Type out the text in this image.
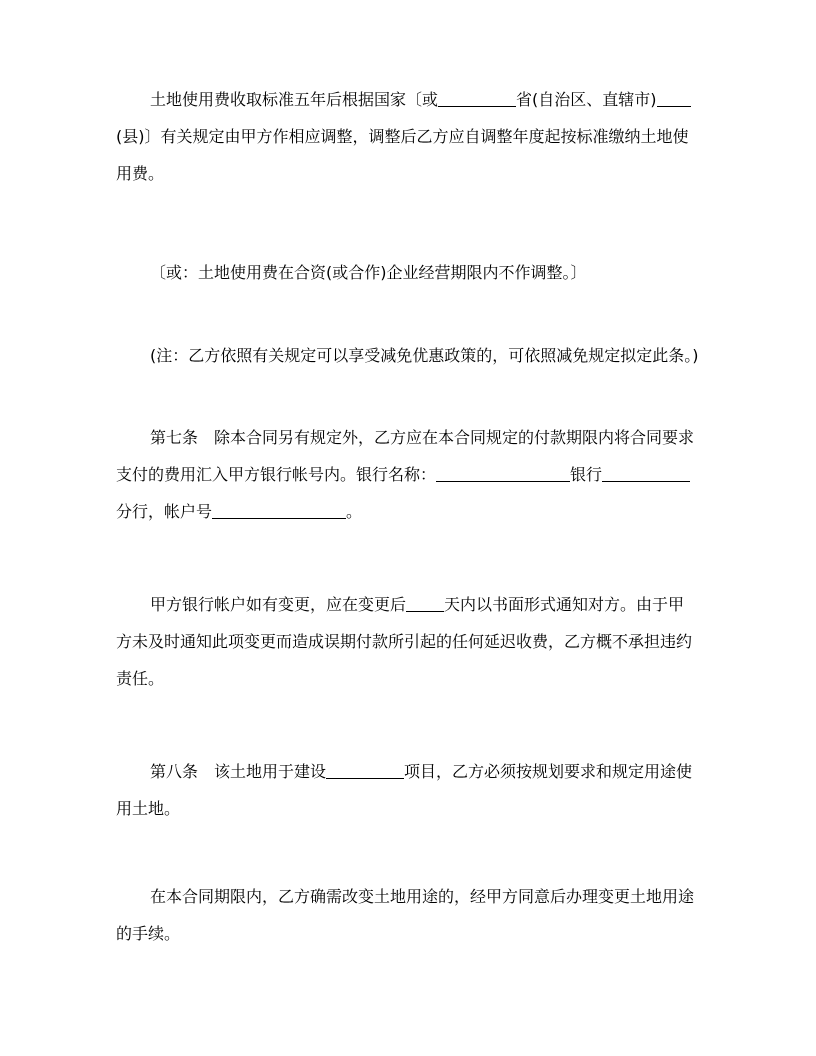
土地使用费收取标准五年后根据国家〔或	省(自治区、直辖市)(县)〕有关规定由甲方作相应调整，调整后乙方应自调整年度起按标准缴纳土地使用费。

〔或：土地使用费在合资(或合作)企业经营期限内不作调整。〕

(注：乙方依照有关规定可以享受减免优惠政策的，可依照减免规定拟定此条。)

第七条 除本合同另有规定外，乙方应在本合同规定的付款期限内将合同要求支付的费用汇入甲方银行帐号内。银行名称：	银行分行，帐户号	。

甲方银行帐户如有变更，应在变更后 天内以书面形式通知对方。由于甲方未及时通知此项变更而造成误期付款所引起的任何延迟收费，乙方概不承担违约责任。

第八条 该土地用于建设	项目，乙方必须按规划要求和规定用途使用土地。

在本合同期限内，乙方确需改变土地用途的，经甲方同意后办理变更土地用途的手续。
